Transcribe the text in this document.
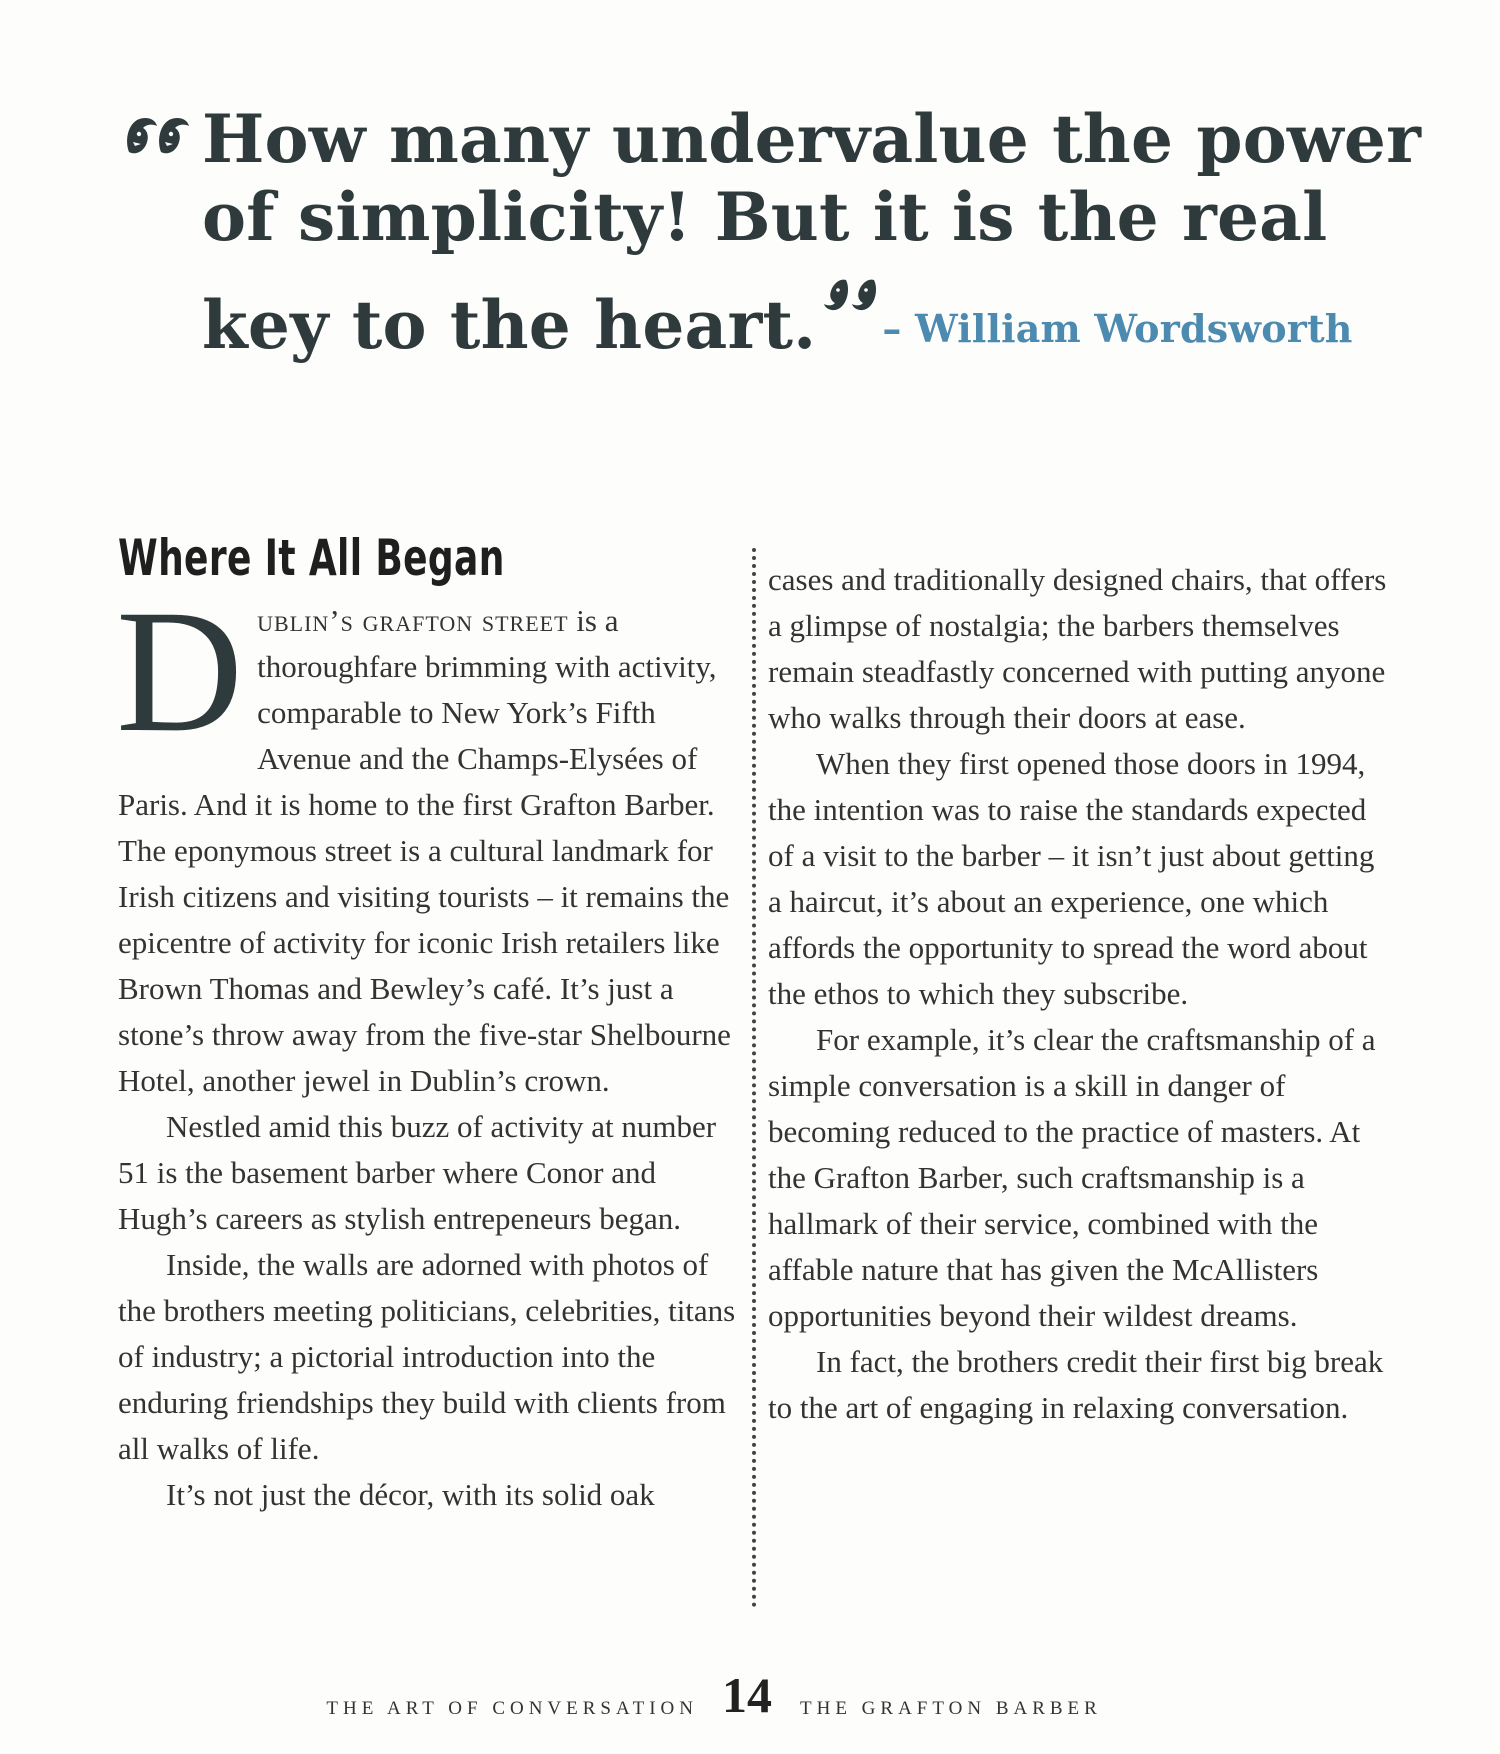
How many undervalue the power
of simplicity! But it is the real
key to the heart. – William Wordsworth
Where It All Began

Dublin’s grafton street is a thoroughfare brimming with activity, comparable to New York’s Fifth Avenue and the Champs-Elysées of Paris. And it is home to the first Grafton Barber. The eponymous street is a cultural landmark for Irish citizens and visiting tourists – it remains the epicentre of activity for iconic Irish retailers like Brown Thomas and Bewley’s café. It’s just a stone’s throw away from the five-star Shelbourne Hotel, another jewel in Dublin’s crown.

Nestled amid this buzz of activity at number 51 is the basement barber where Conor and Hugh’s careers as stylish entrepeneurs began.

Inside, the walls are adorned with photos of the brothers meeting politicians, celebrities, titans of industry; a pictorial introduction into the enduring friendships they build with clients from all walks of life.

It’s not just the décor, with its solid oak

cases and traditionally designed chairs, that offers a glimpse of nostalgia; the barbers themselves remain steadfastly concerned with putting anyone who walks through their doors at ease.

When they first opened those doors in 1994, the intention was to raise the standards expected of a visit to the barber – it isn’t just about getting a haircut, it’s about an experience, one which affords the opportunity to spread the word about the ethos to which they subscribe.

For example, it’s clear the craftsmanship of a simple conversation is a skill in danger of becoming reduced to the practice of masters. At the Grafton Barber, such craftsmanship is a hallmark of their service, combined with the affable nature that has given the McAllisters opportunities beyond their wildest dreams.

In fact, the brothers credit their first big break to the art of engaging in relaxing conversation.

THE ART OF CONVERSATION 14	THE GRAFTON BARBER
